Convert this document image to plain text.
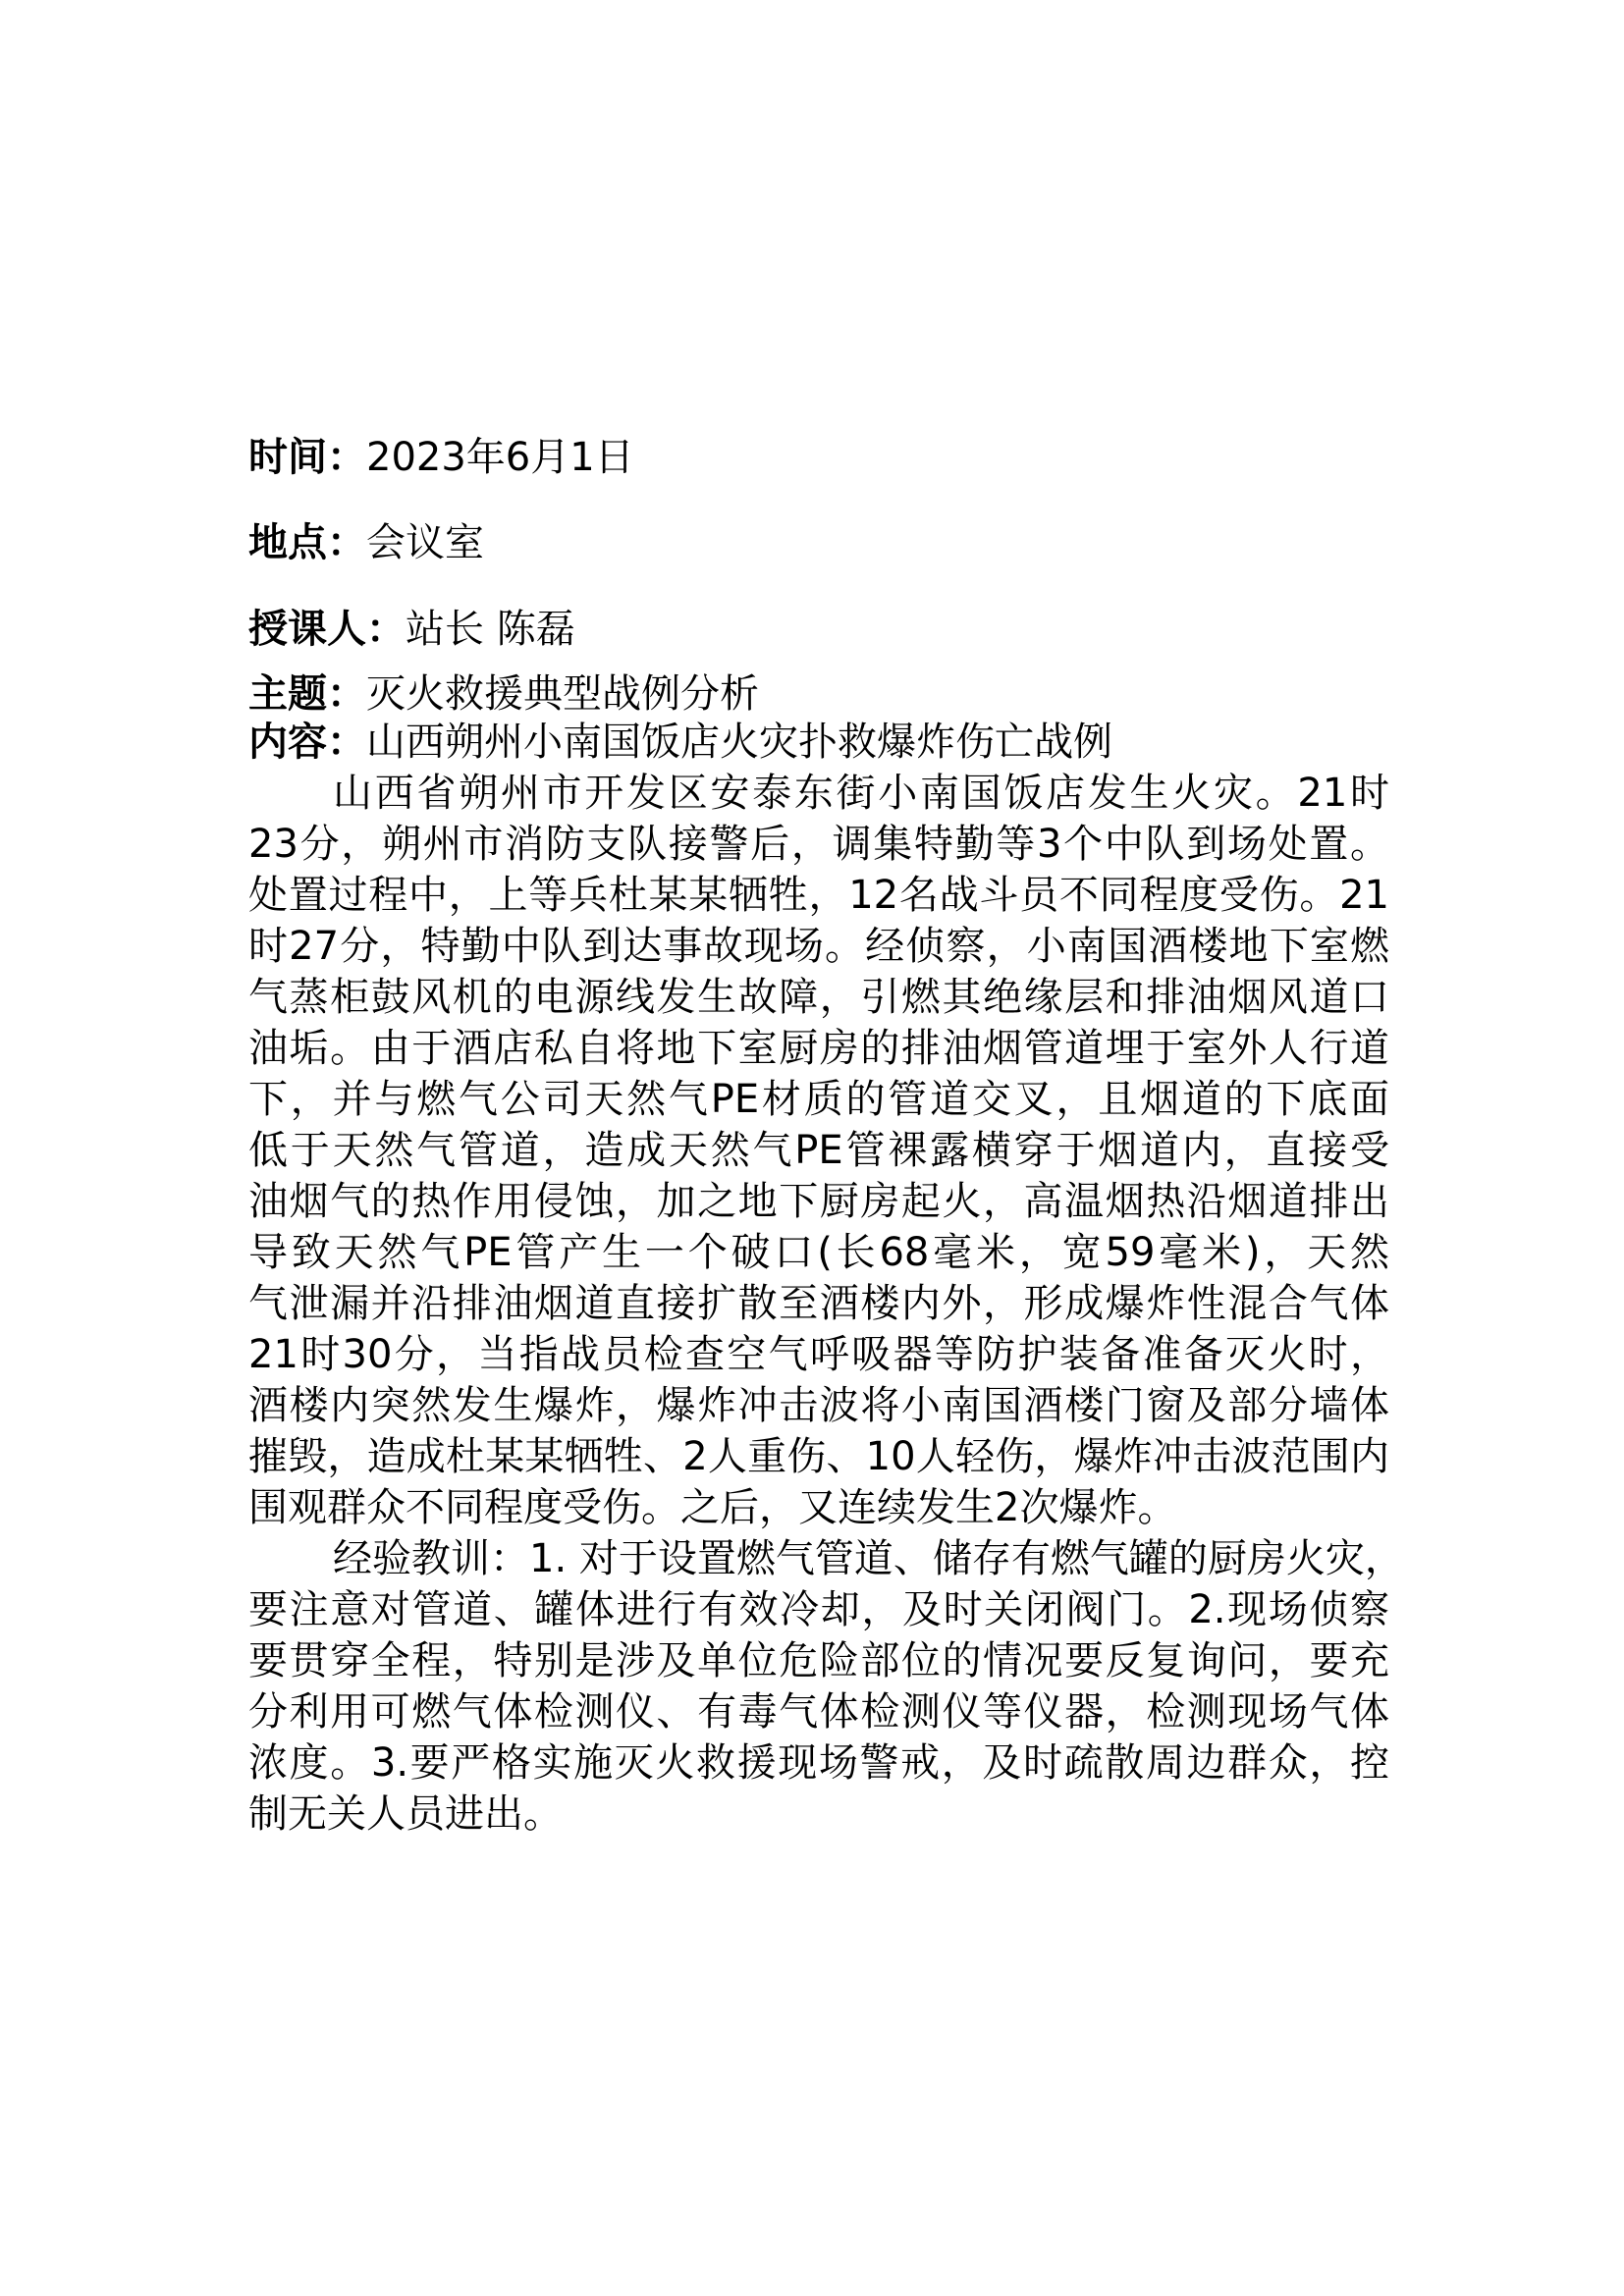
时间：2023年6月1日
地点：会议室
授课人：站长 陈磊
主题：灭火救援典型战例分析
内容：山西朔州小南国饭店火灾扑救爆炸伤亡战例
山西省朔州市开发区安泰东街小南国饭店发生火灾。21时
23分，朔州市消防支队接警后，调集特勤等3个中队到场处置。
处置过程中，上等兵杜某某牺牲，12名战斗员不同程度受伤。21
时27分，特勤中队到达事故现场。经侦察，小南国酒楼地下室燃
气蒸柜鼓风机的电源线发生故障，引燃其绝缘层和排油烟风道口
油垢。由于酒店私自将地下室厨房的排油烟管道埋于室外人行道
下，并与燃气公司天然气PE材质的管道交叉，且烟道的下底面
低于天然气管道，造成天然气PE管裸露横穿于烟道内，直接受
油烟气的热作用侵蚀，加之地下厨房起火，高温烟热沿烟道排出
导致天然气PE管产生一个破口(长68毫米，宽59毫米)，天然
气泄漏并沿排油烟道直接扩散至酒楼内外，形成爆炸性混合气体
21时30分，当指战员检查空气呼吸器等防护装备准备灭火时，
酒楼内突然发生爆炸，爆炸冲击波将小南国酒楼门窗及部分墙体
摧毁，造成杜某某牺牲、2人重伤、10人轻伤，爆炸冲击波范围内
围观群众不同程度受伤。之后，又连续发生2次爆炸。
经验教训：1. 对于设置燃气管道、储存有燃气罐的厨房火灾，
要注意对管道、罐体进行有效冷却，及时关闭阀门。2.现场侦察
要贯穿全程，特别是涉及单位危险部位的情况要反复询问，要充
分利用可燃气体检测仪、有毒气体检测仪等仪器，检测现场气体
浓度。3.要严格实施灭火救援现场警戒，及时疏散周边群众，控
制无关人员进出。
